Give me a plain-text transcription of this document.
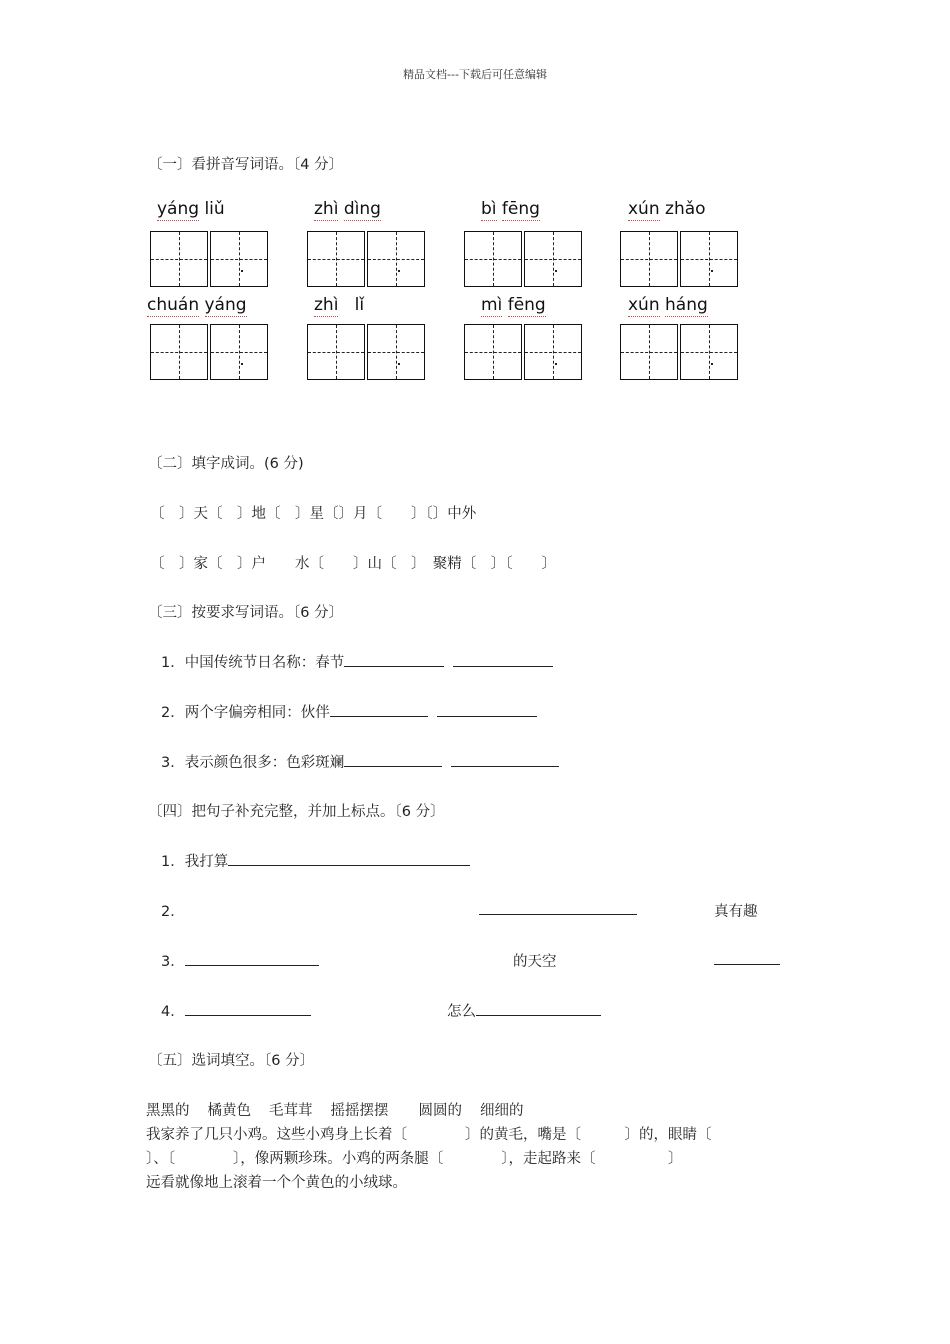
精品文档---下载后可任意编辑
〔一〕看拼音写词语。〔4 分〕
yáng liǔ	zhì dìng	bì fēng	xún zhǎo
chuán yáng	zhì lǐ	mì fēng	xún háng
〔二〕填字成词。(6 分)
〔　〕天〔　〕地〔　〕星〔〕月〔　　〕〔〕中外
〔　〕家〔　〕户　　水〔　　〕山〔　〕　聚精〔　〕〔　　〕
〔三〕按要求写词语。〔6 分〕
1．中国传统节日名称：春节
2．两个字偏旁相同：伙伴
3．表示颜色很多：色彩斑斓
〔四〕把句子补充完整，并加上标点。〔6 分〕
1．我打算
2．	真有趣
3．	的天空
4．	怎么
〔五〕选词填空。〔6 分〕
黑黑的 橘黄色 毛茸茸 摇摇摆摆 圆圆的 细细的
我家养了几只小鸡。这些小鸡身上长着〔　　　　〕的黄毛，嘴是〔　　　〕的，眼睛〔
〕、〔　　　　〕，像两颗珍珠。小鸡的两条腿〔　　　　〕，走起路来〔　　　　　〕
远看就像地上滚着一个个黄色的小绒球。
